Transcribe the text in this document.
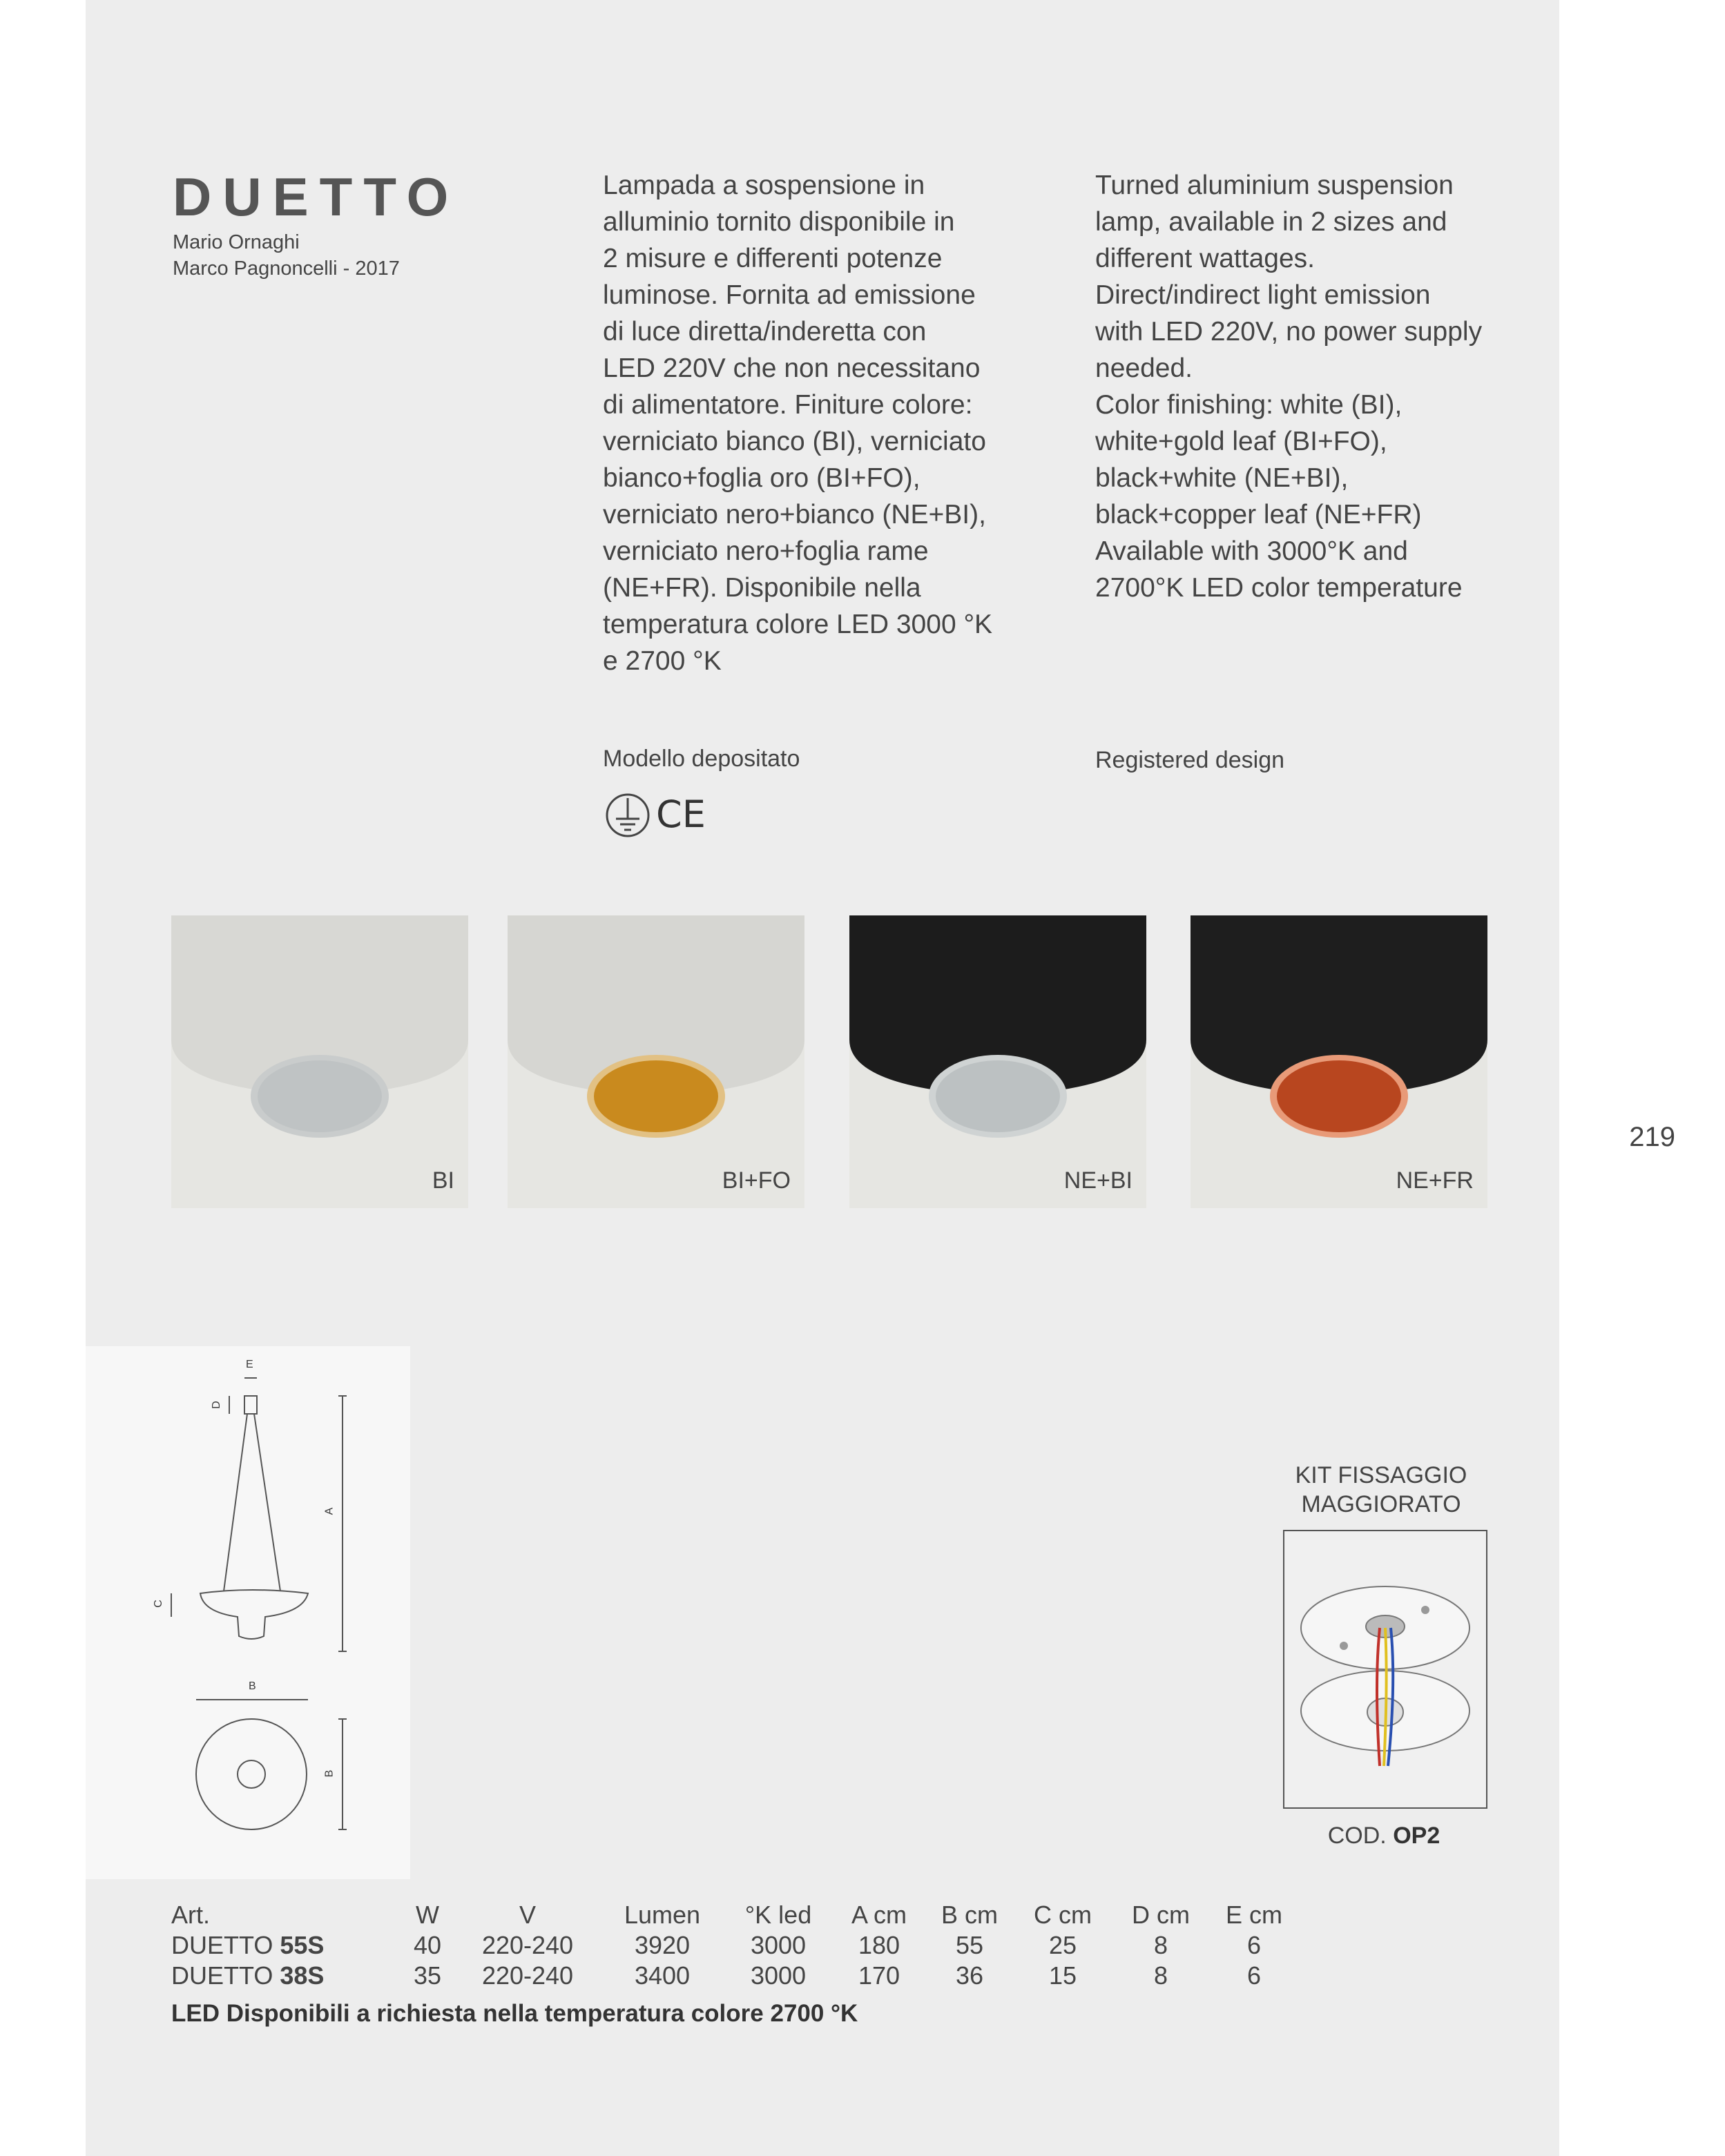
DUETTO
Mario Ornaghi
Marco Pagnoncelli - 2017
Lampada a sospensione in
alluminio tornito disponibile in
2 misure e differenti potenze
luminose. Fornita ad emissione
di luce diretta/inderetta con
LED 220V che non necessitano
di alimentatore. Finiture colore:
verniciato bianco (BI), verniciato
bianco+foglia oro (BI+FO),
verniciato nero+bianco (NE+BI),
verniciato nero+foglia rame
(NE+FR). Disponibile nella
temperatura colore LED 3000 °K
e 2700 °K
Turned aluminium suspension
lamp, available in 2 sizes and
different wattages.
Direct/indirect light emission
with LED 220V, no power supply
needed.
Color finishing: white (BI),
white+gold leaf (BI+FO),
black+white (NE+BI),
black+copper leaf (NE+FR)
Available with 3000°K and
2700°K LED color temperature
Modello depositato	Registered design
CE
BI	BI+FO	NE+BI	NE+FR
219
E
D
A
C
B
B
KIT FISSAGGIO
MAGGIORATO
COD. OP2
Art.	W	V	Lumen	°K led	A cm	B cm	C cm	D cm	E cm
DUETTO 55S	40	220-240	3920	3000	180	55	25	8	6
DUETTO 38S	35	220-240	3400	3000	170	36	15	8	6
LED Disponibili a richiesta nella temperatura colore 2700 °K
